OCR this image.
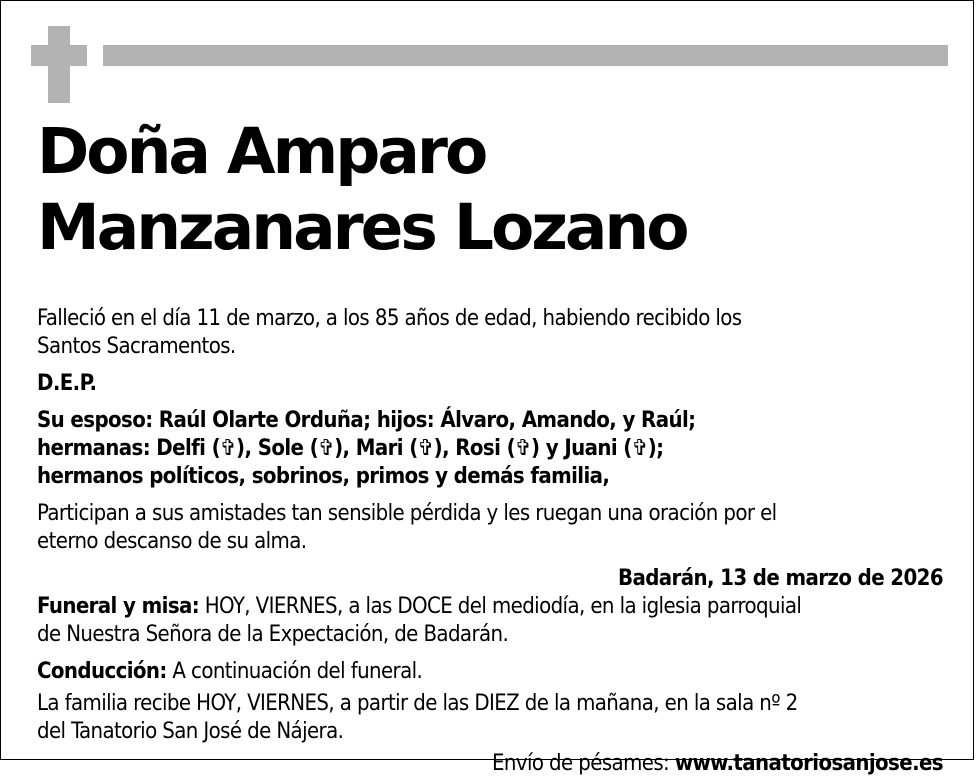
Doña Amparo
Manzanares Lozano

Falleció en el día 11 de marzo, a los 85 años de edad, habiendo recibido los
Santos Sacramentos.

D.E.P.

Su esposo: Raúl Olarte Orduña; hijos: Álvaro, Amando, y Raúl;
hermanas: Delfi (✞), Sole (✞), Mari (✞), Rosi (✞) y Juani (✞);
hermanos políticos, sobrinos, primos y demás familia,

Participan a sus amistades tan sensible pérdida y les ruegan una oración por el
eterno descanso de su alma.

Badarán, 13 de marzo de 2026

Funeral y misa: HOY, VIERNES, a las DOCE del mediodía, en la iglesia parroquial
de Nuestra Señora de la Expectación, de Badarán.

Conducción: A continuación del funeral.

La familia recibe HOY, VIERNES, a partir de las DIEZ de la mañana, en la sala nº 2
del Tanatorio San José de Nájera.

Envío de pésames: www.tanatoriosanjose.es
